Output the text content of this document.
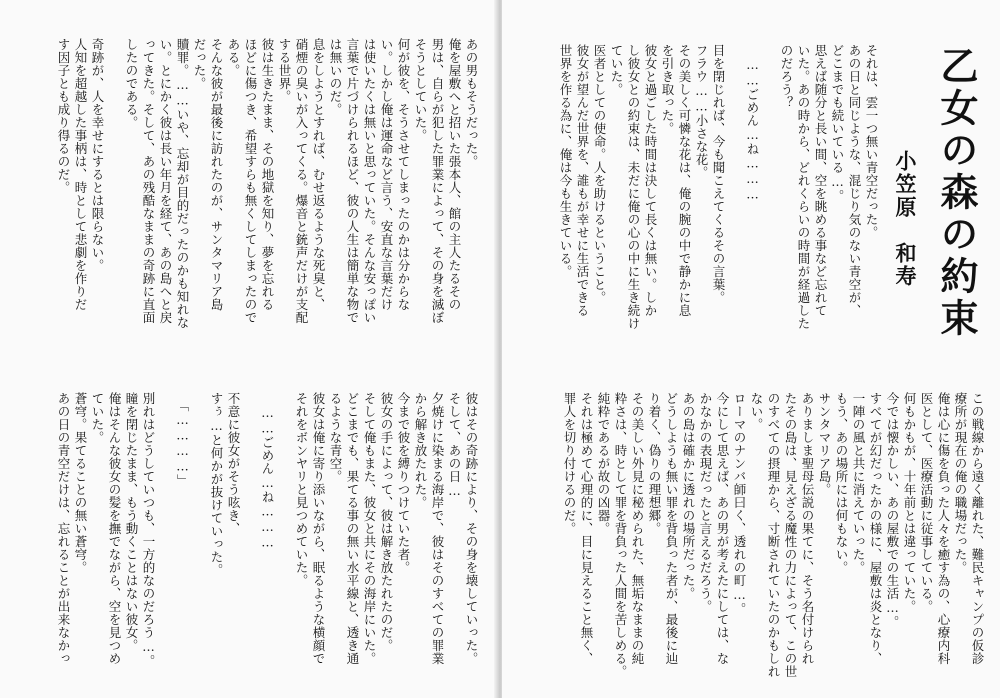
あの男もそうだった。
俺を屋敷へと招いた張本人、館の主人たるその
男は、自らが犯した罪業によって、その身を滅ぼ
そうとしていた。
何が彼を、そうさせてしまったのかは分からな
い。しかし俺は運命など言う、安直な言葉だけ
は使いたくは無いと思っていた。そんな安っぽい
言葉で片づけられるほど、彼の人生は簡単な物で
は無いのだ。
息をしようとすれば、むせ返るような死臭と、
硝煙の臭いが入ってくる。爆音と銃声だけが支配
する世界。
彼は生きたまま、その地獄を知り、夢を忘れる
ほどに傷つき、希望すらも無くしてしまったので
ある。
そんな彼が最後に訪れたのが、サンタマリア島
だった。
贖罪。……いや、忘却が目的だったのかも知れな
い。とにかく彼は長い年月を経て、あの島へと戻
ってきた。そして、あの残酷なままの奇跡に直面
したのである。

奇跡が、人を幸せにするとは限らない。
人知を超越した事柄は、時として悲劇を作りだ
す因子とも成り得るのだ。
彼はその奇跡により、その身を壊していった。
そして、あの日…
夕焼けに染まる海岸で、彼はそのすべての罪業
から解き放たれた。
今まで彼を縛りつけていた者。
彼女の手によって、彼は解き放たれたのだ。
そして俺もまた、彼女と共にその海岸にいた。
どこまでも、果てる事の無い水平線と、透き通
るような青空。
彼女は俺に寄り添いながら、眠るような横顔で
それをボンヤリと見つめていた。

　……ごめん…ね………

不意に彼女がそう呟き、
すぅ…と何かが抜けていった。

　「…………」

別れはどうしていつも、一方的なのだろう…。
瞳を閉じたまま、もう動くことはない彼女。
俺はそんな彼女の髪を撫でながら、空を見つめ
ていた。
蒼穹。果てることの無い蒼穹。
あの日の青空だけは、忘れることが出来なかっ
乙女の森の約束
小笠原　和寿
それは、雲一つ無い青空だった。
あの日と同じような、混じり気のない青空が、
どこまでも続いている…。
思えば随分と長い間、空を眺める事など忘れて
いた。あの時から、どれくらいの時間が経過した
のだろう？

　……ごめん…ね………

目を閉じれば、今も聞こえてくるその言葉。
フラウ……小さな花。
その美しく可憐な花は、俺の腕の中で静かに息
を引き取った。
彼女と過ごした時間は決して長くは無い。しか
し彼女との約束は、未だに俺の心の中に生き続け
ていた。
医者としての使命。人を助けるということ。
彼女が望んだ世界を、誰もが幸せに生活できる
世界を作る為に、俺は今も生きている。
この戦線から遠く離れた、難民キャンプの仮診
療所が現在の俺の職場だった。
俺は心に傷を負った人々を癒す為の、心療内科
医として、医療活動に従事している。
何もかもが、十年前とは違っていた。
今では懐かしい、あの屋敷での生活…。
すべてが幻だったかの様に、屋敷は炎となり、
一陣の風と共に消えていった。
もう、あの場所には何もない。
サンタマリア島。
ありましま聖母伝説の果てに、そう名付けられ
たその島は、見えざる魔性の力によって、この世
のすべての摂理から、寸断されていたのかもしれ
ない。
ローマのナンバ師曰く、透れの町…。
今にして思えば、あの男が考えたにしては、な
かなかの表現だったと言えるだろう。
あの島は確かに透れの場所だった。
どうしようも無い罪を背負った者が、最後に辿
り着く、偽りの理想郷。
その美しい外見に秘められた、無垢なままの純
粋さは、時として罪を背負った人間を苦しめる。
純粋であるが故の凶器。
それは極めて心理的に、目に見えること無く、
罪人を切り付けるのだ。
